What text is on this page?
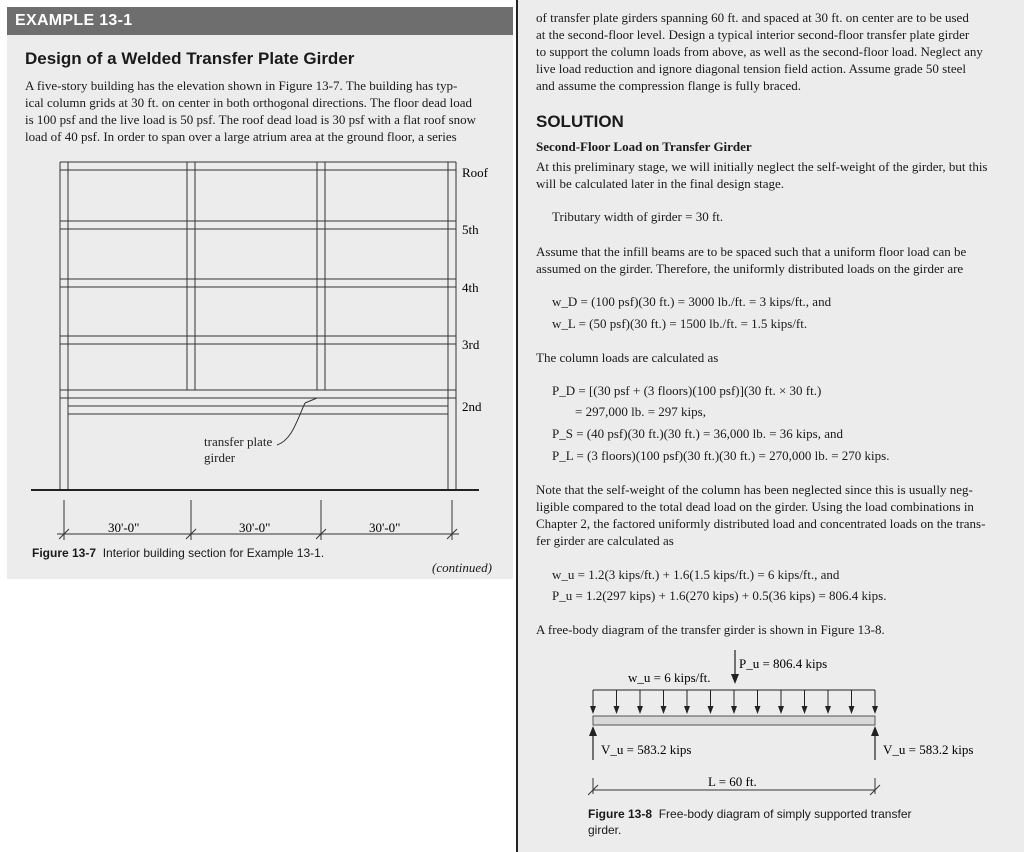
EXAMPLE 13-1
Design of a Welded Transfer Plate Girder
A five-story building has the elevation shown in Figure 13-7. The building has typ-
ical column grids at 30 ft. on center in both orthogonal directions. The floor dead load
is 100 psf and the live load is 50 psf. The roof dead load is 30 psf with a flat roof snow
load of 40 psf. In order to span over a large atrium area at the ground floor, a series
transfer plate
girder
Roof
5th
4th
3rd
2nd
30'-0"	30'-0"	30'-0"
Figure 13-7 Interior building section for Example 13-1.
(continued)
of transfer plate girders spanning 60 ft. and spaced at 30 ft. on center are to be used
at the second-floor level. Design a typical interior second-floor transfer plate girder
to support the column loads from above, as well as the second-floor load. Neglect any
live load reduction and ignore diagonal tension field action. Assume grade 50 steel
and assume the compression flange is fully braced.
SOLUTION
Second-Floor Load on Transfer Girder
At this preliminary stage, we will initially neglect the self-weight of the girder, but this
will be calculated later in the final design stage.
Tributary width of girder = 30 ft.
Assume that the infill beams are to be spaced such that a uniform floor load can be
assumed on the girder. Therefore, the uniformly distributed loads on the girder are
w_D = (100 psf)(30 ft.) = 3000 lb./ft. = 3 kips/ft., and
w_L = (50 psf)(30 ft.) = 1500 lb./ft. = 1.5 kips/ft.
The column loads are calculated as
P_D = [(30 psf + (3 floors)(100 psf)](30 ft. × 30 ft.)
= 297,000 lb. = 297 kips,
P_S = (40 psf)(30 ft.)(30 ft.) = 36,000 lb. = 36 kips, and
P_L = (3 floors)(100 psf)(30 ft.)(30 ft.) = 270,000 lb. = 270 kips.
Note that the self-weight of the column has been neglected since this is usually neg-
ligible compared to the total dead load on the girder. Using the load combinations in
Chapter 2, the factored uniformly distributed load and concentrated loads on the trans-
fer girder are calculated as
w_u = 1.2(3 kips/ft.) + 1.6(1.5 kips/ft.) = 6 kips/ft., and
P_u = 1.2(297 kips) + 1.6(270 kips) + 0.5(36 kips) = 806.4 kips.
A free-body diagram of the transfer girder is shown in Figure 13-8.
P_u = 806.4 kips
w_u = 6 kips/ft.
V_u = 583.2 kips	V_u = 583.2 kips
L = 60 ft.
Figure 13-8 Free-body diagram of simply supported transfer
girder.
